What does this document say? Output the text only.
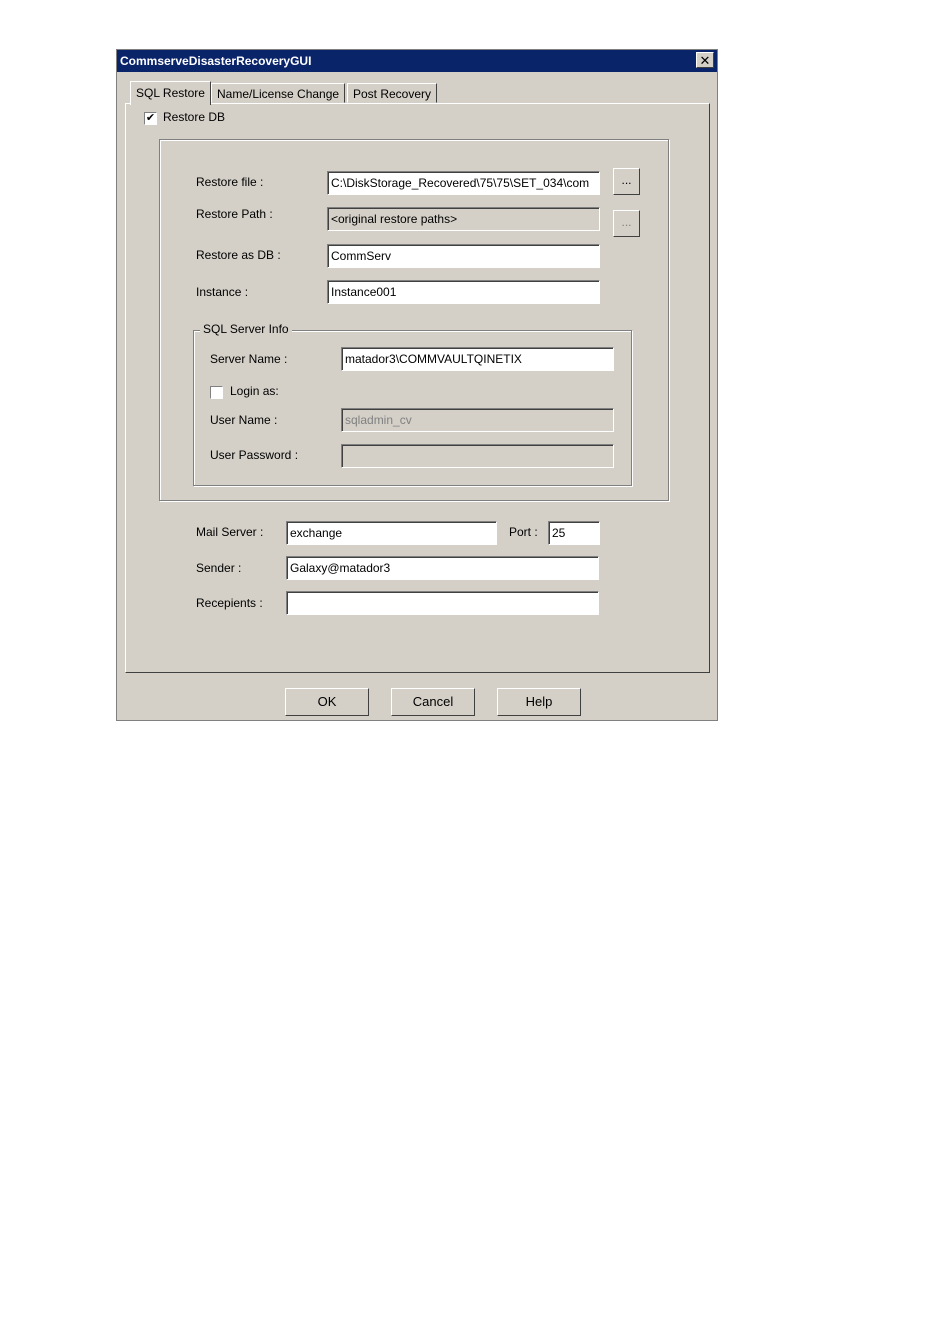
CommserveDisasterRecoveryGUI	✕
SQL Restore	Name/License Change	Post Recovery
✔ Restore DB
Restore file :	C:\DiskStorage_Recovered\75\75\SET_034\com	...
Restore Path :	<original restore paths>	...
Restore as DB :	CommServ
Instance :	Instance001
SQL Server Info
Server Name :	matador3\COMMVAULTQINETIX
Login as:
User Name :	sqladmin_cv
User Password :
Mail Server :	exchange	Port :	25
Sender :	Galaxy@matador3
Recepients :
OK	Cancel	Help
